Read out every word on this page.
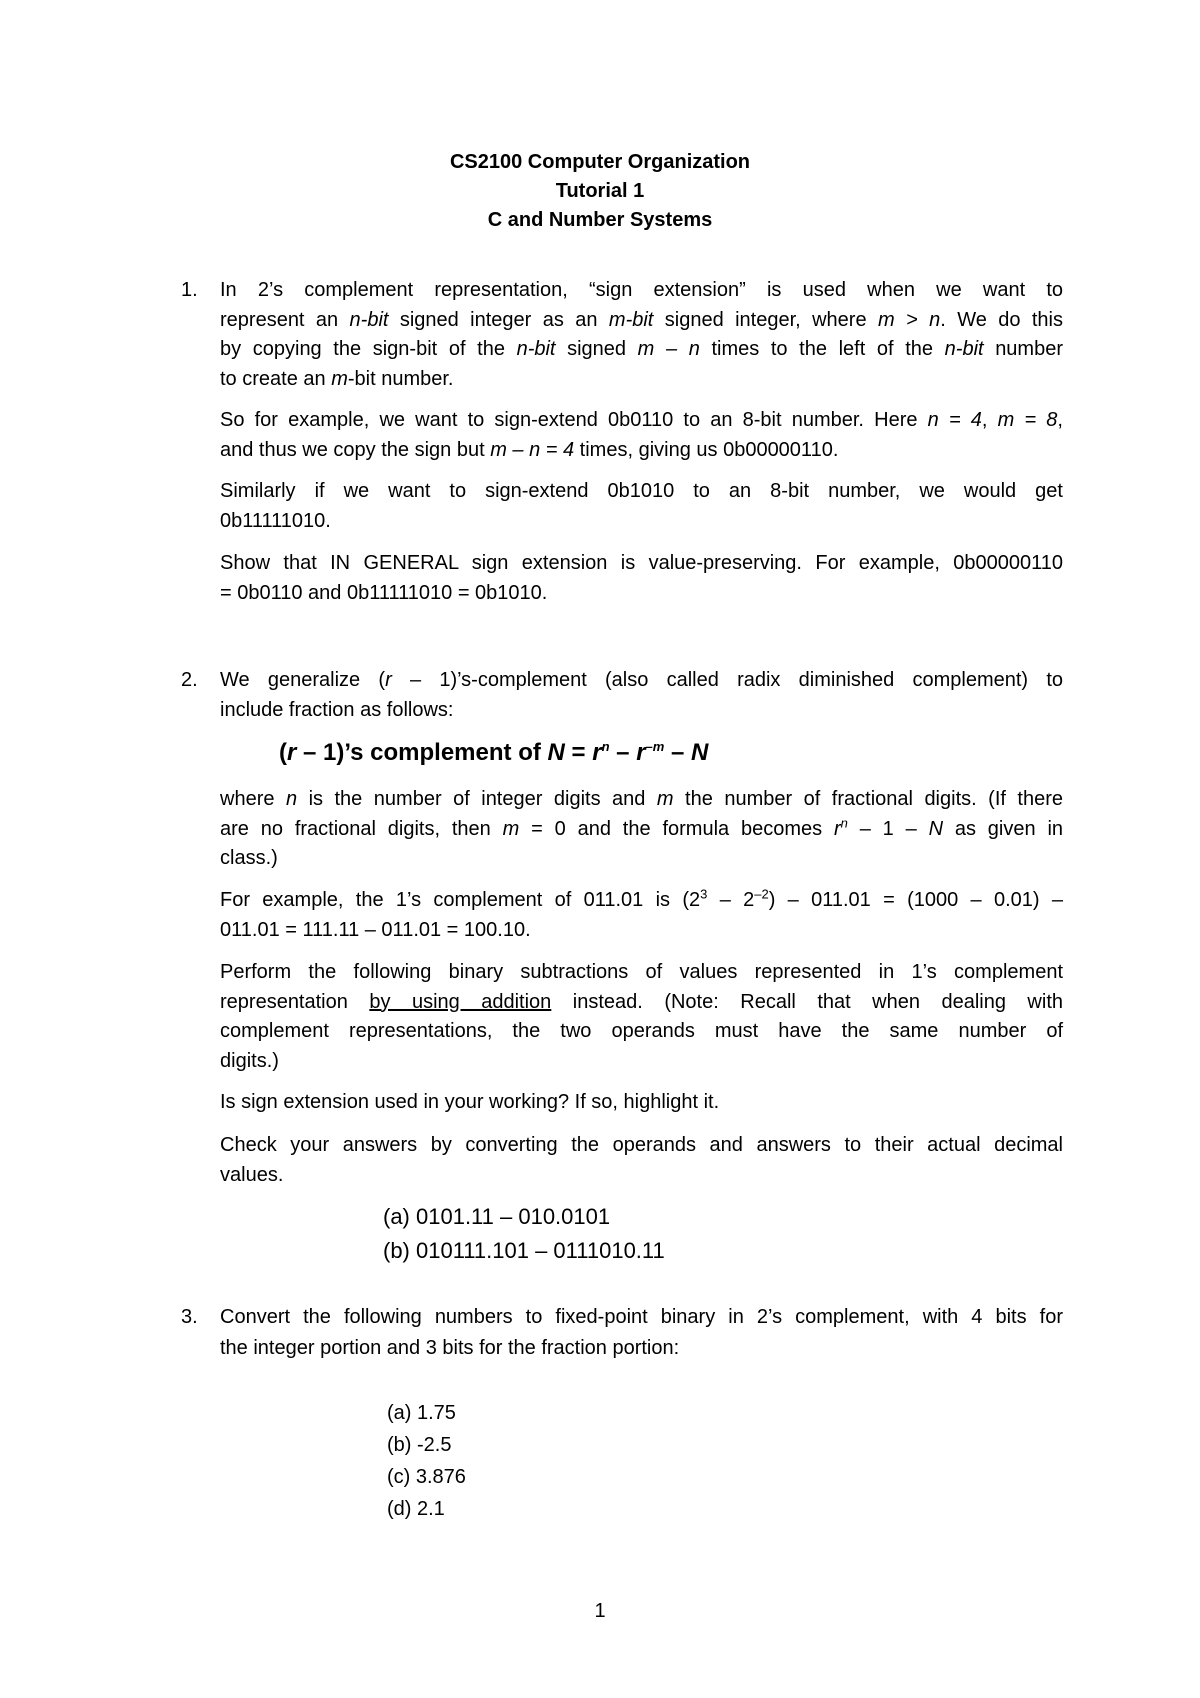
CS2100 Computer Organization
Tutorial 1
C and Number Systems
1. In 2’s complement representation, “sign extension” is used when we want to
represent an n-bit signed integer as an m-bit signed integer, where m > n. We do this
by copying the sign-bit of the n-bit signed m – n times to the left of the n-bit number
to create an m-bit number.
So for example, we want to sign-extend 0b0110 to an 8-bit number. Here n = 4, m = 8,
and thus we copy the sign but m – n = 4 times, giving us 0b00000110.
Similarly if we want to sign-extend 0b1010 to an 8-bit number, we would get
0b11111010.
Show that IN GENERAL sign extension is value-preserving. For example, 0b00000110
= 0b0110 and 0b11111010 = 0b1010.
2. We generalize (r – 1)’s-complement (also called radix diminished complement) to
include fraction as follows:
(r – 1)’s complement of $N = r^n - r^{-m} - N$
where n is the number of integer digits and m the number of fractional digits. (If there
are no fractional digits, then m = 0 and the formula becomes $r^n - 1$ – N as given in
class.)
For example, the 1’s complement of 011.01 is $(2^3 - 2^{-2}) - 011.01 = (1000 - 0.01)$ –
011.01 = 111.11 – 011.01 = 100.10.
Perform the following binary subtractions of values represented in 1’s complement
representation by using addition instead. (Note: Recall that when dealing with
complement representations, the two operands must have the same number of
digits.)
Is sign extension used in your working? If so, highlight it.
Check your answers by converting the operands and answers to their actual decimal
values.
(a) 0101.11 – 010.0101
(b) 010111.101 – 0111010.11
3. Convert the following numbers to fixed-point binary in 2’s complement, with 4 bits for
the integer portion and 3 bits for the fraction portion:
(a) 1.75
(b) -2.5
(c) 3.876
(d) 2.1
1
